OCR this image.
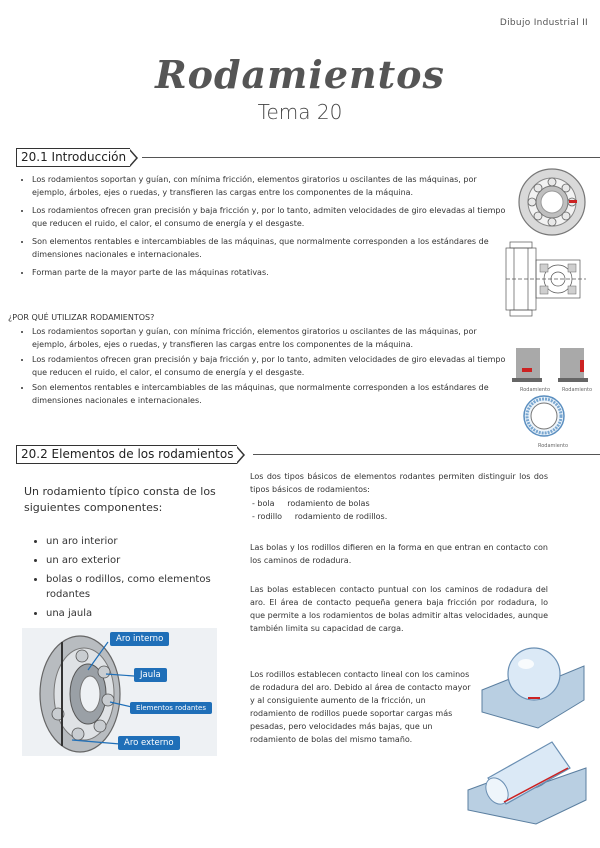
Dibujo Industrial II
Rodamientos
Tema 20
20.1 Introducción
• Los rodamientos soportan y guían, con mínima fricción, elementos giratorios u oscilantes de las máquinas, por ejemplo, árboles, ejes o ruedas, y transfieren las cargas entre los componentes de la máquina.
• Los rodamientos ofrecen gran precisión y baja fricción y, por lo tanto, admiten velocidades de giro elevadas al tiempo que reducen el ruido, el calor, el consumo de energía y el desgaste.
• Son elementos rentables e intercambiables de las máquinas, que normalmente corresponden a los estándares de dimensiones nacionales e internacionales.
• Forman parte de la mayor parte de las máquinas rotativas.
¿POR QUÉ UTILIZAR RODAMIENTOS?
• Los rodamientos soportan y guían, con mínima fricción, elementos giratorios u oscilantes de las máquinas, por ejemplo, árboles, ejes o ruedas, y transfieren las cargas entre los componentes de la máquina.
• Los rodamientos ofrecen gran precisión y baja fricción y, por lo tanto, admiten velocidades de giro elevadas al tiempo que reducen el ruido, el calor, el consumo de energía y el desgaste.
• Son elementos rentables e intercambiables de las máquinas, que normalmente corresponden a los estándares de dimensiones nacionales e internacionales.
Rodamiento Rodamiento
Rodamiento
20.2 Elementos de los rodamientos
Un rodamiento típico consta de los siguientes componentes:
• un aro interior
• un aro exterior
• bolas o rodillos, como elementos rodantes
• una jaula
Aro interno
Jaula
Elementos rodantes
Aro externo
Los dos tipos básicos de elementos rodantes permiten distinguir los dos tipos básicos de rodamientos:
- bola     rodamiento de bolas
- rodillo     rodamiento de rodillos.
Las bolas y los rodillos difieren en la forma en que entran en contacto con los caminos de rodadura.
Las bolas establecen contacto puntual con los caminos de rodadura del aro. El área de contacto pequeña genera baja fricción por rodadura, lo que permite a los rodamientos de bolas admitir altas velocidades, aunque también limita su capacidad de carga.
Los rodillos establecen contacto lineal con los caminos de rodadura del aro. Debido al área de contacto mayor y al consiguiente aumento de la fricción, un rodamiento de rodillos puede soportar cargas más pesadas, pero velocidades más bajas, que un rodamiento de bolas del mismo tamaño.
